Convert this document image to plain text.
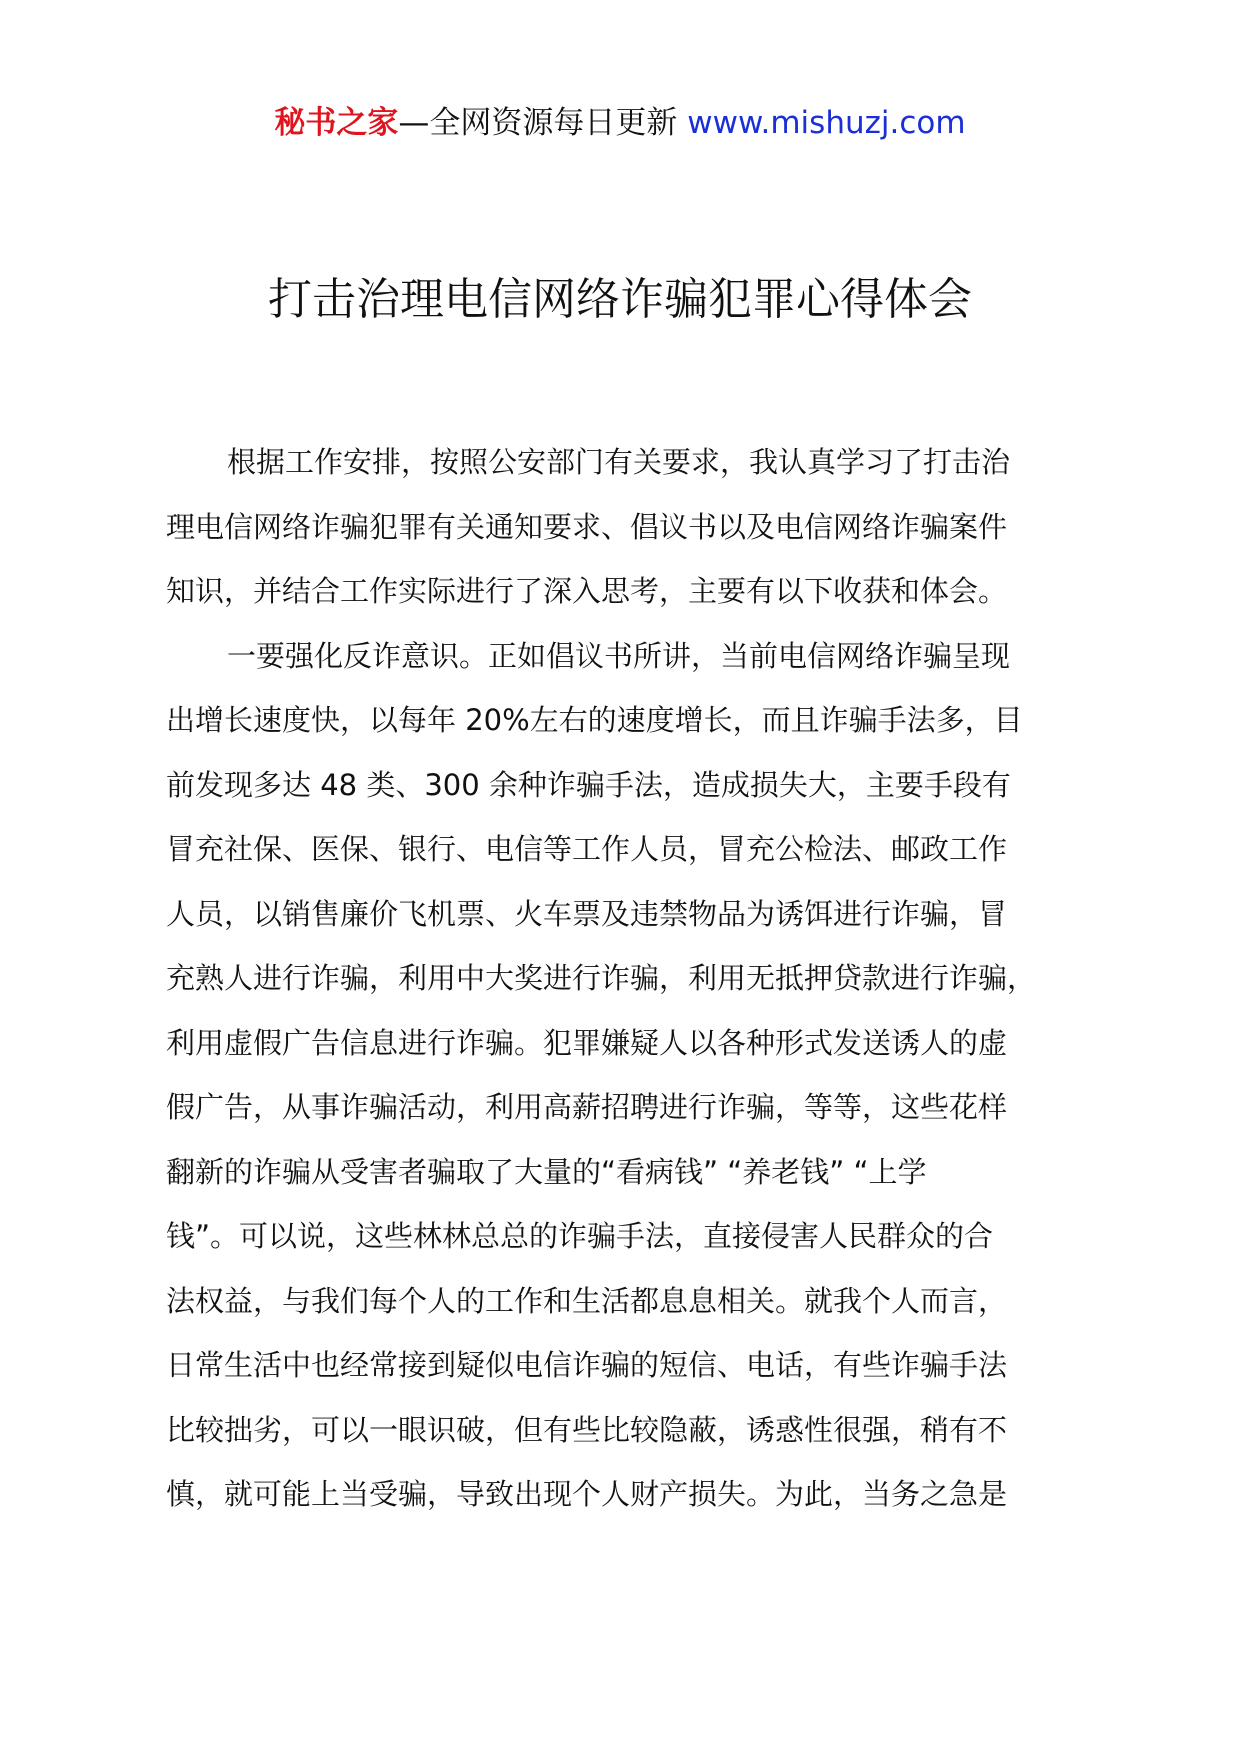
秘书之家—全网资源每日更新 www.mishuzj.com
打击治理电信网络诈骗犯罪心得体会
根据工作安排，按照公安部门有关要求，我认真学习了打击治
理电信网络诈骗犯罪有关通知要求、倡议书以及电信网络诈骗案件
知识，并结合工作实际进行了深入思考，主要有以下收获和体会。
一要强化反诈意识。正如倡议书所讲，当前电信网络诈骗呈现
出增长速度快，以每年 20%左右的速度增长，而且诈骗手法多，目
前发现多达 48 类、300 余种诈骗手法，造成损失大，主要手段有
冒充社保、医保、银行、电信等工作人员，冒充公检法、邮政工作
人员，以销售廉价飞机票、火车票及违禁物品为诱饵进行诈骗，冒
充熟人进行诈骗，利用中大奖进行诈骗，利用无抵押贷款进行诈骗，
利用虚假广告信息进行诈骗。犯罪嫌疑人以各种形式发送诱人的虚
假广告，从事诈骗活动，利用高薪招聘进行诈骗，等等，这些花样
翻新的诈骗从受害者骗取了大量的“看病钱” “养老钱” “上学
钱”。可以说，这些林林总总的诈骗手法，直接侵害人民群众的合
法权益，与我们每个人的工作和生活都息息相关。就我个人而言，
日常生活中也经常接到疑似电信诈骗的短信、电话，有些诈骗手法
比较拙劣，可以一眼识破，但有些比较隐蔽，诱惑性很强，稍有不
慎，就可能上当受骗，导致出现个人财产损失。为此，当务之急是
